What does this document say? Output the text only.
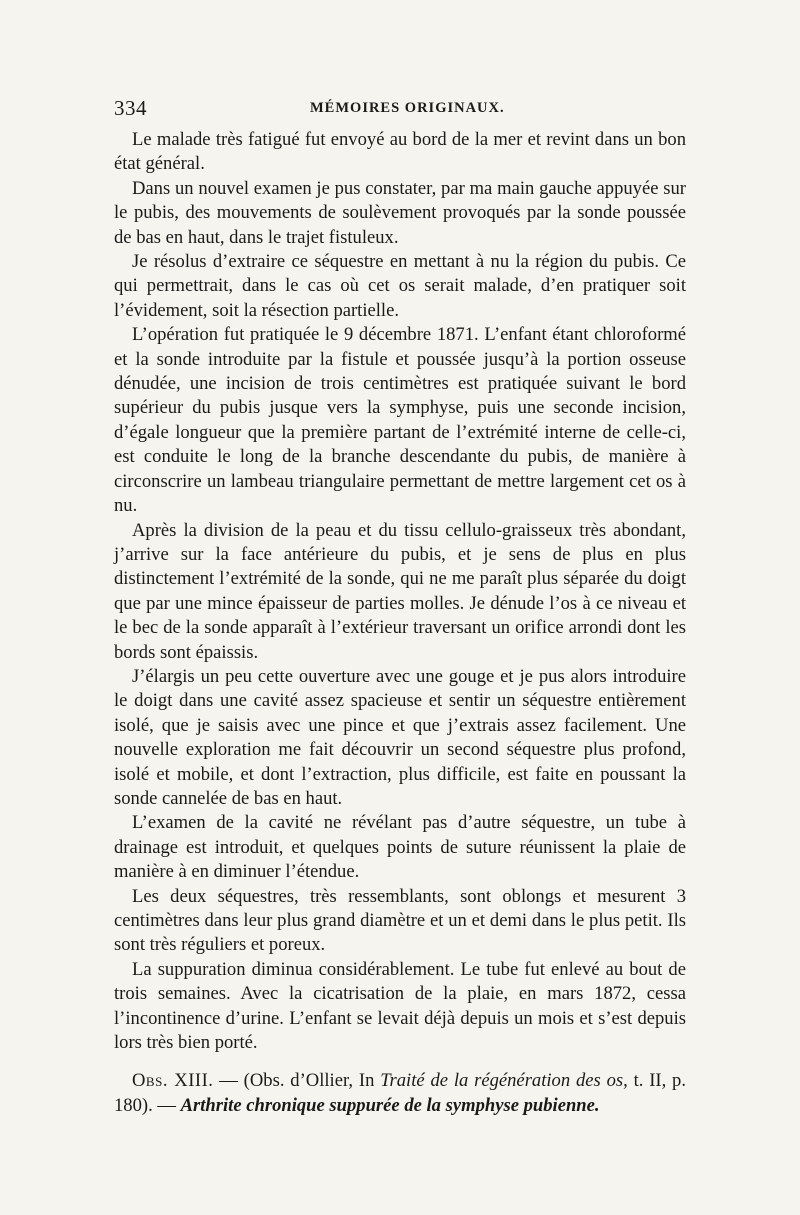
334	MÉMOIRES ORIGINAUX.

Le malade très fatigué fut envoyé au bord de la mer et revint dans un bon état général.

Dans un nouvel examen je pus constater, par ma main gauche appuyée sur le pubis, des mouvements de soulèvement provoqués par la sonde poussée de bas en haut, dans le trajet fistuleux.

Je résolus d’extraire ce séquestre en mettant à nu la région du pubis. Ce qui permettrait, dans le cas où cet os serait malade, d’en pratiquer soit l’évidement, soit la résection partielle.

L’opération fut pratiquée le 9 décembre 1871. L’enfant étant chloroformé et la sonde introduite par la fistule et poussée jusqu’à la portion osseuse dénudée, une incision de trois centimètres est pratiquée suivant le bord supérieur du pubis jusque vers la symphyse, puis une seconde incision, d’égale longueur que la première partant de l’extrémité interne de celle-ci, est conduite le long de la branche descendante du pubis, de manière à circonscrire un lambeau triangulaire permettant de mettre largement cet os à nu.

Après la division de la peau et du tissu cellulo-graisseux très abondant, j’arrive sur la face antérieure du pubis, et je sens de plus en plus distinctement l’extrémité de la sonde, qui ne me paraît plus séparée du doigt que par une mince épaisseur de parties molles. Je dénude l’os à ce niveau et le bec de la sonde apparaît à l’extérieur traversant un orifice arrondi dont les bords sont épaissis.

J’élargis un peu cette ouverture avec une gouge et je pus alors introduire le doigt dans une cavité assez spacieuse et sentir un séquestre entièrement isolé, que je saisis avec une pince et que j’extrais assez facilement. Une nouvelle exploration me fait découvrir un second séquestre plus profond, isolé et mobile, et dont l’extraction, plus difficile, est faite en poussant la sonde cannelée de bas en haut.

L’examen de la cavité ne révélant pas d’autre séquestre, un tube à drainage est introduit, et quelques points de suture réunissent la plaie de manière à en diminuer l’étendue.

Les deux séquestres, très ressemblants, sont oblongs et mesurent 3 centimètres dans leur plus grand diamètre et un et demi dans le plus petit. Ils sont très réguliers et poreux.

La suppuration diminua considérablement. Le tube fut enlevé au bout de trois semaines. Avec la cicatrisation de la plaie, en mars 1872, cessa l’incontinence d’urine. L’enfant se levait déjà depuis un mois et s’est depuis lors très bien porté.

Obs. XIII. — (Obs. d’Ollier, In Traité de la régénération des os, t. II, p. 180). — Arthrite chronique suppurée de la symphyse pubienne.
